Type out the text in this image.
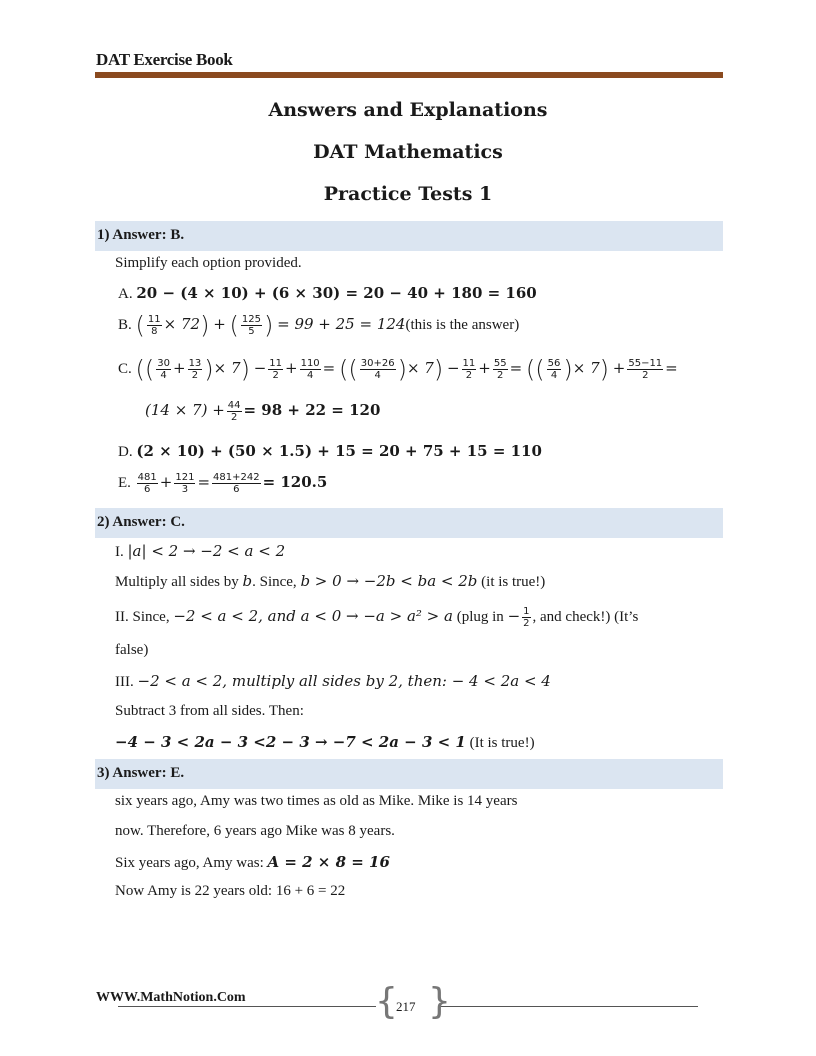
DAT Exercise Book
Answers and Explanations
DAT Mathematics
Practice Tests 1
1) Answer: B.
Simplify each option provided.
A. 20 − (4 × 10) + (6 × 30) = 20 − 40 + 180 = 160
B. ( $\frac{11}{8} \times 72$) + ( $\frac{125}{5}$ ) = 99 + 25 = 124(this is the answer)
C. (( $\frac{30}{4} + \frac{13}{2}$ )× $7) - \frac{11}{2} + \frac{110}{4}$ = (( $\frac{30+26}{4}$ )× $7) - \frac{11}{2} + \frac{55}{2}$ = (( $\frac{56}{4}$ )× $7) + \frac{55-11}{2}$ =
$(14 \times 7) + \frac{44}{2} = 98 + 22 = 120$
D. (2 × 10) + (50 × 1.5) + 15 = 20 + 75 + 15 = 110
E. $\frac{481}{6} + \frac{121}{3} = \frac{481+242}{6} = 120.5$
2) Answer: C.
I. |a| < 2 → −2 < a < 2
Multiply all sides by b. Since, b > 0 → −2b < ba < 2b (it is true!)
II. Since, −2 < a < 2, and a < 0 → −a > a² > a (plug in − $\frac{1}{2}$ , and check!) (It’s
false)
III. −2 < a < 2, multiply all sides by 2, then: − 4 < 2a < 4
Subtract 3 from all sides. Then:
−4 − 3 < 2a − 3 <2 − 3 → −7 < 2a − 3 < 1 (It is true!)
3) Answer: E.
six years ago, Amy was two times as old as Mike. Mike is 14 years
now. Therefore, 6 years ago Mike was 8 years.
Six years ago, Amy was: A = 2 × 8 = 16
Now Amy is 22 years old: 16 + 6 = 22
WWW.MathNotion.Com	{ }
217
